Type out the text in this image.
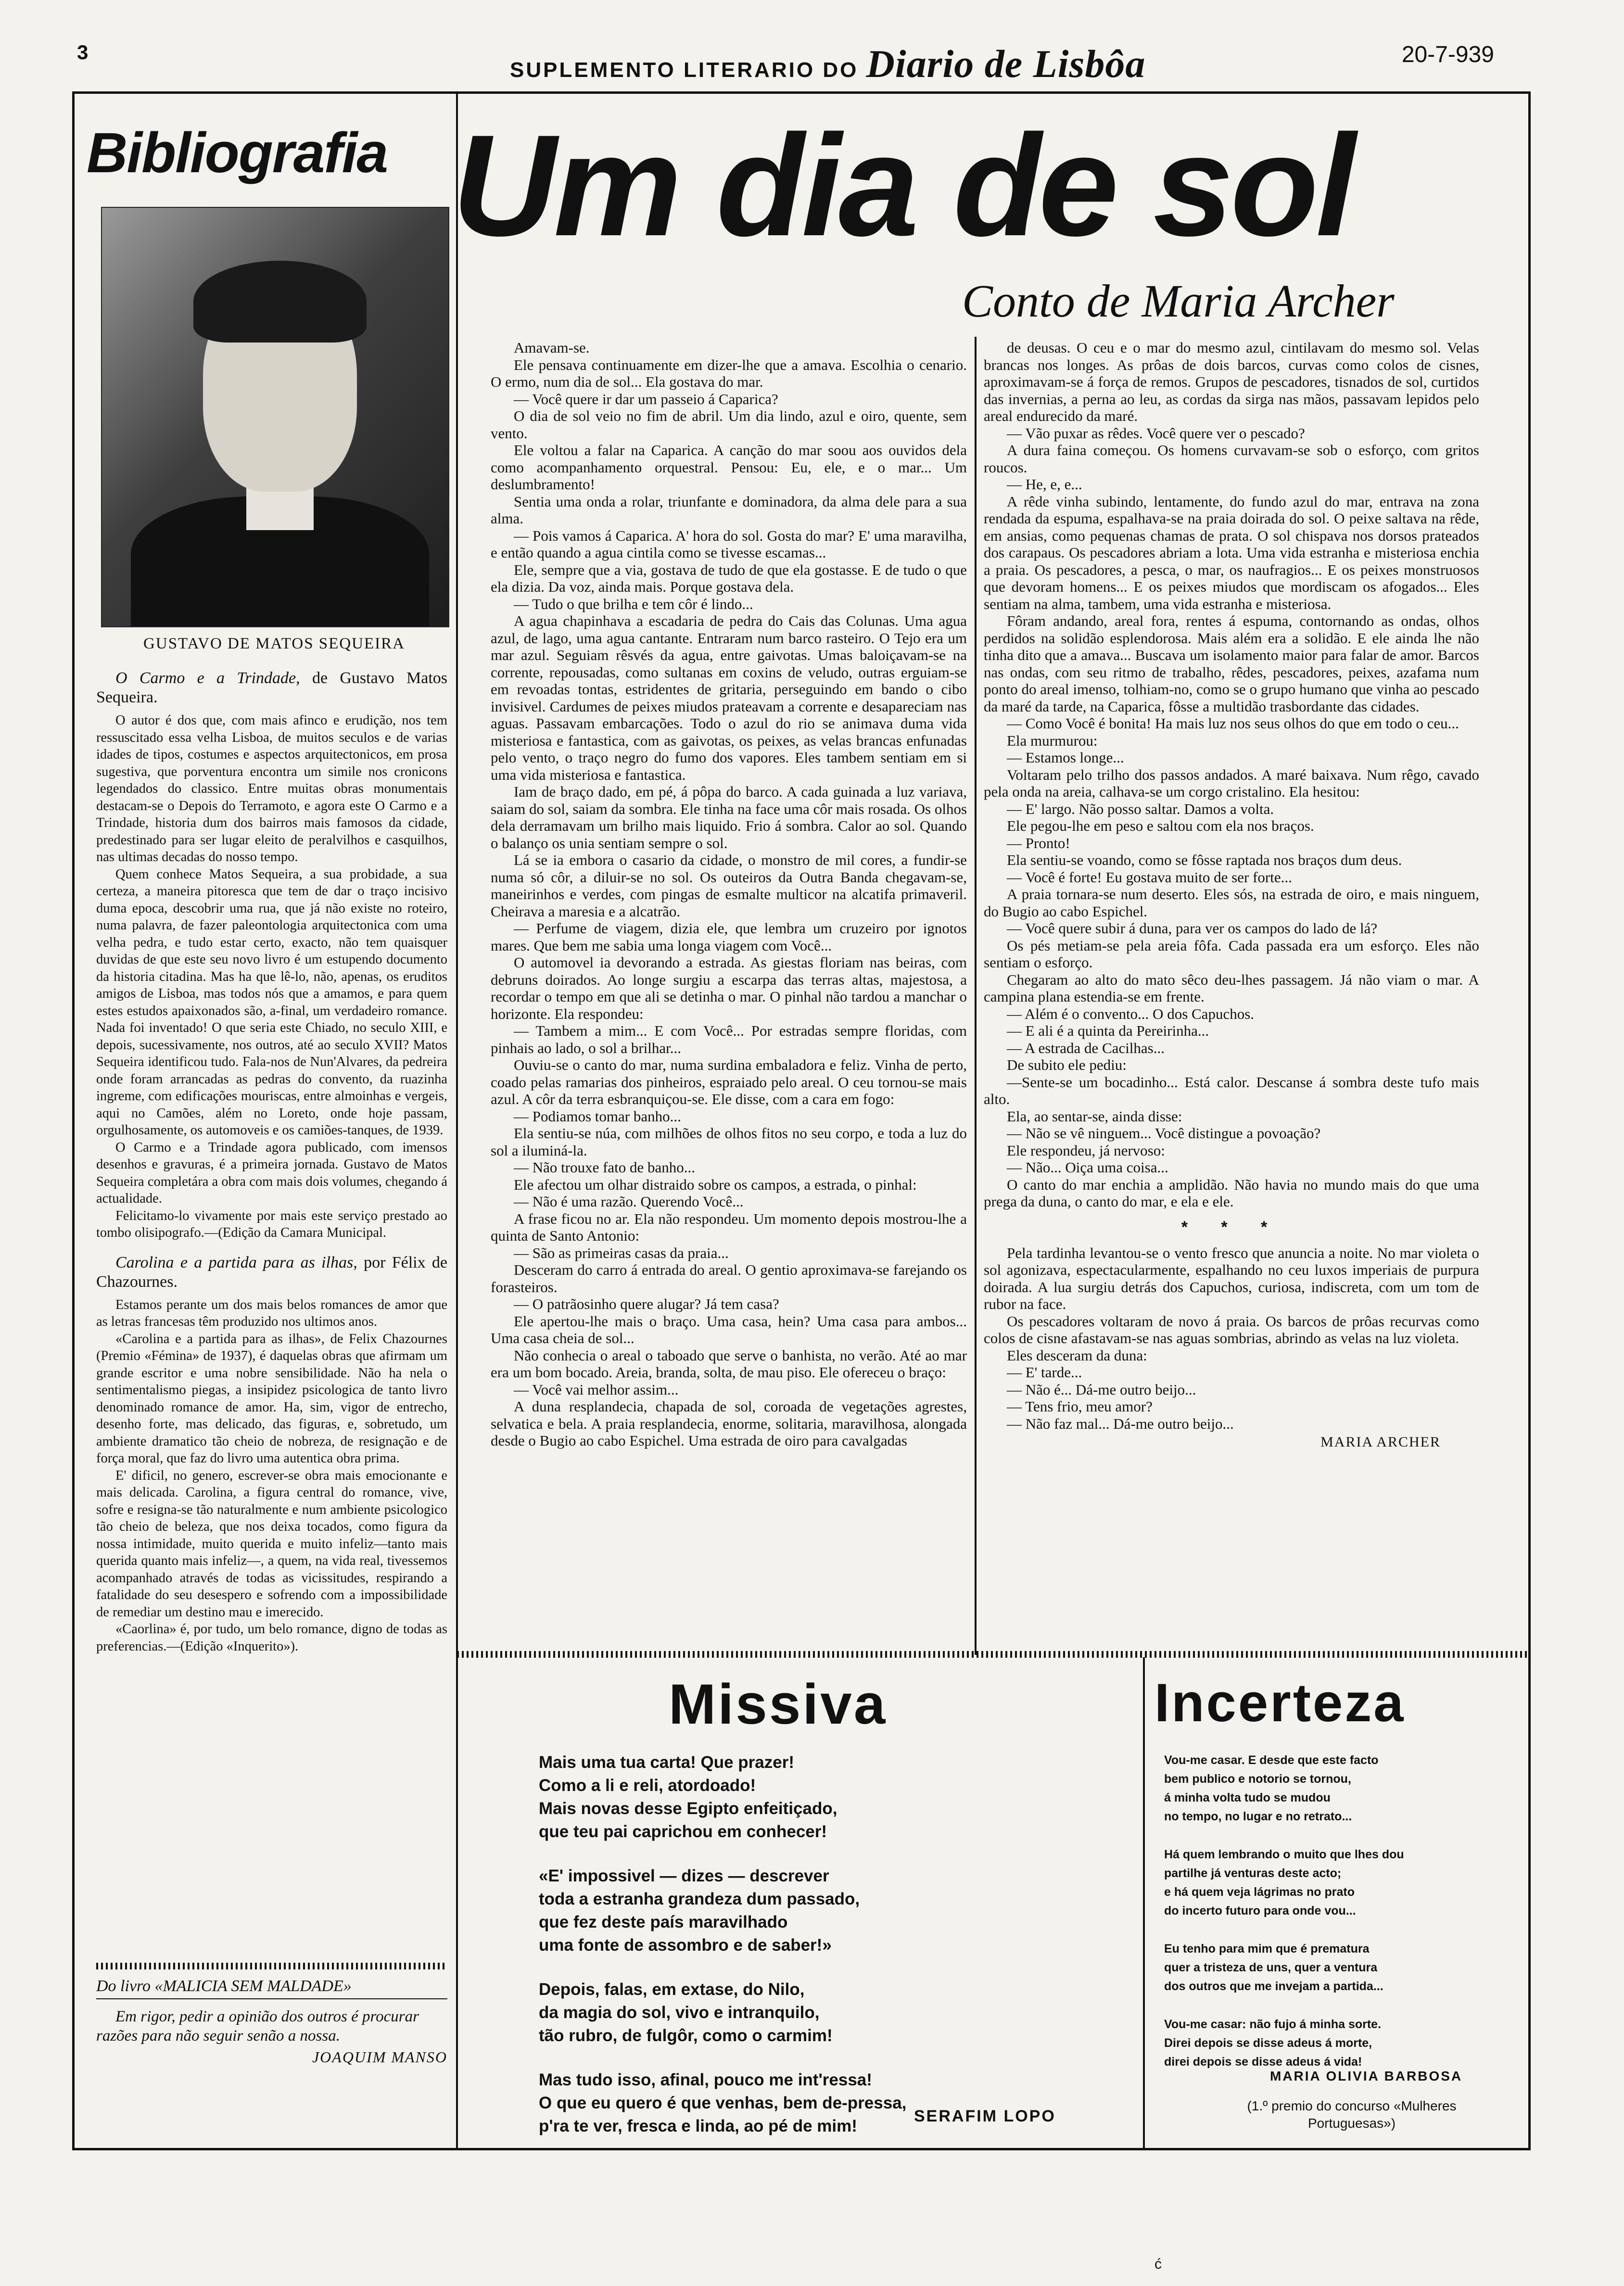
3
SUPLEMENTO LITERARIO DO Diario de Lisbôa	20-7-939
Bibliografia
GUSTAVO DE MATOS SEQUEIRA

O Carmo e a Trindade, de Gustavo Matos Sequeira.

O autor é dos que, com mais afinco e erudição, nos tem ressuscitado essa velha Lisboa, de muitos seculos e de varias idades de tipos, costumes e aspectos arquitectonicos, em prosa sugestiva, que porventura encontra um simile nos cronicons legendados do classico. Entre muitas obras monumentais destacam-se o Depois do Terramoto, e agora este O Carmo e a Trindade, historia dum dos bairros mais famosos da cidade, predestinado para ser lugar eleito de peralvilhos e casquilhos, nas ultimas decadas do nosso tempo.

Quem conhece Matos Sequeira, a sua probidade, a sua certeza, a maneira pitoresca que tem de dar o traço incisivo duma epoca, descobrir uma rua, que já não existe no roteiro, numa palavra, de fazer paleontologia arquitectonica com uma velha pedra, e tudo estar certo, exacto, não tem quaisquer duvidas de que este seu novo livro é um estupendo documento da historia citadina. Mas ha que lê-lo, não, apenas, os eruditos amigos de Lisboa, mas todos nós que a amamos, e para quem estes estudos apaixonados são, a-final, um verdadeiro romance. Nada foi inventado! O que seria este Chiado, no seculo XIII, e depois, sucessivamente, nos outros, até ao seculo XVII? Matos Sequeira identificou tudo. Fala-nos de Nun'Alvares, da pedreira onde foram arrancadas as pedras do convento, da ruazinha ingreme, com edificações mouriscas, entre almoinhas e vergeis, aqui no Camões, além no Loreto, onde hoje passam, orgulhosamente, os automoveis e os camiões-tanques, de 1939.

O Carmo e a Trindade agora publicado, com imensos desenhos e gravuras, é a primeira jornada. Gustavo de Matos Sequeira completára a obra com mais dois volumes, chegando á actualidade.

Felicitamo-lo vivamente por mais este serviço prestado ao tombo olisipografo.—(Edição da Camara Municipal.

Carolina e a partida para as ilhas, por Félix de Chazournes.

Estamos perante um dos mais belos romances de amor que as letras francesas têm produzido nos ultimos anos.

«Carolina e a partida para as ilhas», de Felix Chazournes (Premio «Fémina» de 1937), é daquelas obras que afirmam um grande escritor e uma nobre sensibilidade. Não ha nela o sentimentalismo piegas, a insipidez psicologica de tanto livro denominado romance de amor. Ha, sim, vigor de entrecho, desenho forte, mas delicado, das figuras, e, sobretudo, um ambiente dramatico tão cheio de nobreza, de resignação e de força moral, que faz do livro uma autentica obra prima.

E' dificil, no genero, escrever-se obra mais emocionante e mais delicada. Carolina, a figura central do romance, vive, sofre e resigna-se tão naturalmente e num ambiente psicologico tão cheio de beleza, que nos deixa tocados, como figura da nossa intimidade, muito querida e muito infeliz—tanto mais querida quanto mais infeliz—, a quem, na vida real, tivessemos acompanhado através de todas as vicissitudes, respirando a fatalidade do seu desespero e sofrendo com a impossibilidade de remediar um destino mau e imerecido.

«Caorlina» é, por tudo, um belo romance, digno de todas as preferencias.—(Edição «Inquerito»).

Do livro «MALICIA SEM MALDADE»
Em rigor, pedir a opinião dos outros é procurar razões para não seguir senão a nossa.
JOAQUIM MANSO
Um dia de sol
Conto de Maria Archer

Amavam-se.

Ele pensava continuamente em dizer-lhe que a amava. Escolhia o cenario. O ermo, num dia de sol... Ela gostava do mar.

— Você quere ir dar um passeio á Caparica?

O dia de sol veio no fim de abril. Um dia lindo, azul e oiro, quente, sem vento.

Ele voltou a falar na Caparica. A canção do mar soou aos ouvidos dela como acompanhamento orquestral. Pensou: Eu, ele, e o mar... Um deslumbramento!

Sentia uma onda a rolar, triunfante e dominadora, da alma dele para a sua alma.

— Pois vamos á Caparica. A' hora do sol. Gosta do mar? E' uma maravilha, e então quando a agua cintila como se tivesse escamas...

Ele, sempre que a via, gostava de tudo de que ela gostasse. E de tudo o que ela dizia. Da voz, ainda mais. Porque gostava dela.

— Tudo o que brilha e tem côr é lindo...

A agua chapinhava a escadaria de pedra do Cais das Colunas. Uma agua azul, de lago, uma agua cantante. Entraram num barco rasteiro. O Tejo era um mar azul. Seguiam rêsvés da agua, entre gaivotas. Umas baloiçavam-se na corrente, repousadas, como sultanas em coxins de veludo, outras erguiam-se em revoadas tontas, estridentes de gritaria, perseguindo em bando o cibo invisivel. Cardumes de peixes miudos prateavam a corrente e desapareciam nas aguas. Passavam embarcações. Todo o azul do rio se animava duma vida misteriosa e fantastica, com as gaivotas, os peixes, as velas brancas enfunadas pelo vento, o traço negro do fumo dos vapores. Eles tambem sentiam em si uma vida misteriosa e fantastica.

Iam de braço dado, em pé, á pôpa do barco. A cada guinada a luz variava, saiam do sol, saiam da sombra. Ele tinha na face uma côr mais rosada. Os olhos dela derramavam um brilho mais liquido. Frio á sombra. Calor ao sol. Quando o balanço os unia sentiam sempre o sol.

Lá se ia embora o casario da cidade, o monstro de mil cores, a fundir-se numa só côr, a diluir-se no sol. Os outeiros da Outra Banda chegavam-se, maneirinhos e verdes, com pingas de esmalte multicor na alcatifa primaveril. Cheirava a maresia e a alcatrão.

— Perfume de viagem, dizia ele, que lembra um cruzeiro por ignotos mares. Que bem me sabia uma longa viagem com Você...

O automovel ia devorando a estrada. As giestas floriam nas beiras, com debruns doirados. Ao longe surgiu a escarpa das terras altas, majestosa, a recordar o tempo em que ali se detinha o mar. O pinhal não tardou a manchar o horizonte. Ela respondeu:

— Tambem a mim... E com Você... Por estradas sempre floridas, com pinhais ao lado, o sol a brilhar...

Ouviu-se o canto do mar, numa surdina embaladora e feliz. Vinha de perto, coado pelas ramarias dos pinheiros, espraiado pelo areal. O ceu tornou-se mais azul. A côr da terra esbranquiçou-se. Ele disse, com a cara em fogo:

— Podiamos tomar banho...

Ela sentiu-se núa, com milhões de olhos fitos no seu corpo, e toda a luz do sol a iluminá-la.

— Não trouxe fato de banho...

Ele afectou um olhar distraido sobre os campos, a estrada, o pinhal:

— Não é uma razão. Querendo Você...

A frase ficou no ar. Ela não respondeu. Um momento depois mostrou-lhe a quinta de Santo Antonio:

— São as primeiras casas da praia...

Desceram do carro á entrada do areal. O gentio aproximava-se farejando os forasteiros.

— O patrãosinho quere alugar? Já tem casa?

Ele apertou-lhe mais o braço. Uma casa, hein? Uma casa para ambos... Uma casa cheia de sol...

Não conhecia o areal o taboado que serve o banhista, no verão. Até ao mar era um bom bocado. Areia, branda, solta, de mau piso. Ele ofereceu o braço:

— Você vai melhor assim...

A duna resplandecia, chapada de sol, coroada de vegetações agrestes, selvatica e bela. A praia resplandecia, enorme, solitaria, maravilhosa, alongada desde o Bugio ao cabo Espichel. Uma estrada de oiro para cavalgadas

de deusas. O ceu e o mar do mesmo azul, cintilavam do mesmo sol. Velas brancas nos longes. As prôas de dois barcos, curvas como colos de cisnes, aproximavam-se á força de remos. Grupos de pescadores, tisnados de sol, curtidos das invernias, a perna ao leu, as cordas da sirga nas mãos, passavam lepidos pelo areal endurecido da maré.

— Vão puxar as rêdes. Você quere ver o pescado?

A dura faina começou. Os homens curvavam-se sob o esforço, com gritos roucos.

— He, e, e...

A rêde vinha subindo, lentamente, do fundo azul do mar, entrava na zona rendada da espuma, espalhava-se na praia doirada do sol. O peixe saltava na rêde, em ansias, como pequenas chamas de prata. O sol chispava nos dorsos prateados dos carapaus. Os pescadores abriam a lota. Uma vida estranha e misteriosa enchia a praia. Os pescadores, a pesca, o mar, os naufragios... E os peixes monstruosos que devoram homens... E os peixes miudos que mordiscam os afogados... Eles sentiam na alma, tambem, uma vida estranha e misteriosa.

Fôram andando, areal fora, rentes á espuma, contornando as ondas, olhos perdidos na solidão esplendorosa. Mais além era a solidão. E ele ainda lhe não tinha dito que a amava... Buscava um isolamento maior para falar de amor. Barcos nas ondas, com seu ritmo de trabalho, rêdes, pescadores, peixes, azafama num ponto do areal imenso, tolhiam-no, como se o grupo humano que vinha ao pescado da maré da tarde, na Caparica, fôsse a multidão trasbordante das cidades.

— Como Você é bonita! Ha mais luz nos seus olhos do que em todo o ceu...

Ela murmurou:

— Estamos longe...

Voltaram pelo trilho dos passos andados. A maré baixava. Num rêgo, cavado pela onda na areia, calhava-se um corgo cristalino. Ela hesitou:

— E' largo. Não posso saltar. Damos a volta.

Ele pegou-lhe em peso e saltou com ela nos braços.

— Pronto!

Ela sentiu-se voando, como se fôsse raptada nos braços dum deus.

— Você é forte! Eu gostava muito de ser forte...

A praia tornara-se num deserto. Eles sós, na estrada de oiro, e mais ninguem, do Bugio ao cabo Espichel.

— Você quere subir á duna, para ver os campos do lado de lá?

Os pés metiam-se pela areia fôfa. Cada passada era um esforço. Eles não sentiam o esforço.

Chegaram ao alto do mato sêco deu-lhes passagem. Já não viam o mar. A campina plana estendia-se em frente.

— Além é o convento... O dos Capuchos.

— E ali é a quinta da Pereirinha...

— A estrada de Cacilhas...

De subito ele pediu:

—Sente-se um bocadinho... Está calor. Descanse á sombra deste tufo mais alto.

Ela, ao sentar-se, ainda disse:

— Não se vê ninguem... Você distingue a povoação?

Ele respondeu, já nervoso:

— Não... Oiça uma coisa...

O canto do mar enchia a amplidão. Não havia no mundo mais do que uma prega da duna, o canto do mar, e ela e ele.

* * *

Pela tardinha levantou-se o vento fresco que anuncia a noite. No mar violeta o sol agonizava, espectacularmente, espalhando no ceu luxos imperiais de purpura doirada. A lua surgiu detrás dos Capuchos, curiosa, indiscreta, com um tom de rubor na face.

Os pescadores voltaram de novo á praia. Os barcos de prôas recurvas como colos de cisne afastavam-se nas aguas sombrias, abrindo as velas na luz violeta.

Eles desceram da duna:

— E' tarde...

— Não é... Dá-me outro beijo...

— Tens frio, meu amor?

— Não faz mal... Dá-me outro beijo...

MARIA ARCHER
Missiva

Mais uma tua carta! Que prazer!
Como a li e reli, atordoado!
Mais novas desse Egipto enfeitiçado,
que teu pai caprichou em conhecer!

«E' impossivel — dizes — descrever
toda a estranha grandeza dum passado,
que fez deste país maravilhado
uma fonte de assombro e de saber!»

Depois, falas, em extase, do Nilo,
da magia do sol, vivo e intranquilo,
tão rubro, de fulgôr, como o carmim!

Mas tudo isso, afinal, pouco me int'ressa!
O que eu quero é que venhas, bem de-pressa,
p'ra te ver, fresca e linda, ao pé de mim!

SERAFIM LOPO
Incerteza

Vou-me casar. E desde que este facto
bem publico e notorio se tornou,
á minha volta tudo se mudou
no tempo, no lugar e no retrato...

Há quem lembrando o muito que lhes dou
partilhe já venturas deste acto;
e há quem veja lágrimas no prato
do incerto futuro para onde vou...

Eu tenho para mim que é prematura
quer a tristeza de uns, quer a ventura
dos outros que me invejam a partida...

Vou-me casar: não fujo á minha sorte.
Direi depois se disse adeus á morte,
direi depois se disse adeus á vida!

MARIA OLIVIA BARBOSA
(1.º premio do concurso «Mulheres
Portuguesas»)
ć
